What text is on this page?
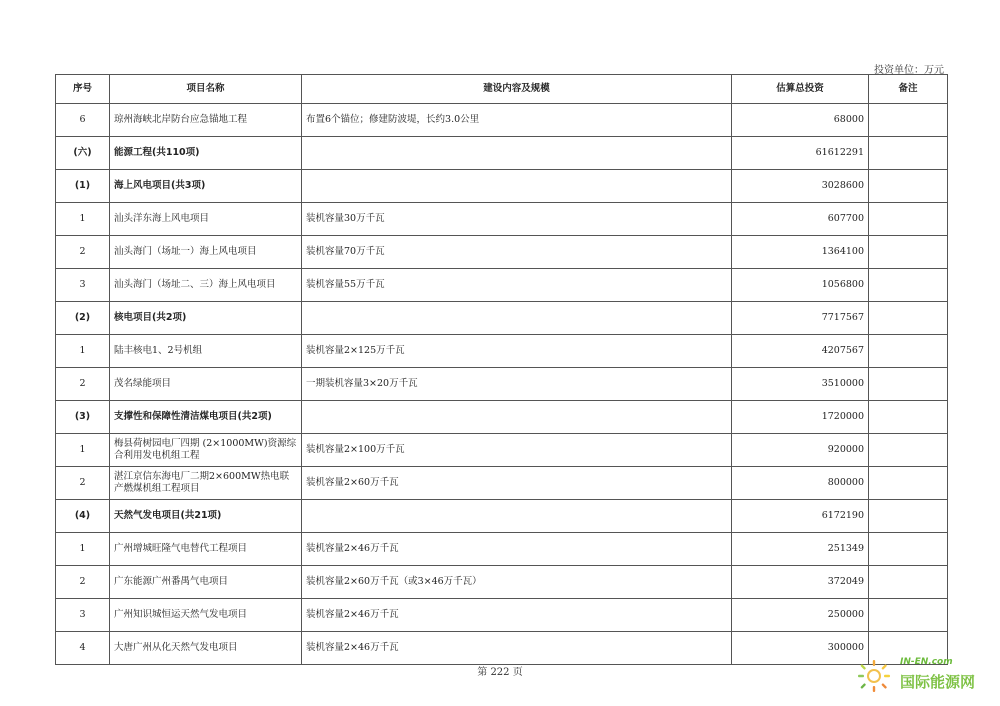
投资单位：万元
序号	项目名称	建设内容及规模	估算总投资	备注
6	琼州海峡北岸防台应急锚地工程	布置6个锚位；修建防波堤，长约3.0公里	68000	
(六)	能源工程(共110项)		61612291	
(1)	海上风电项目(共3项)		3028600	
1	汕头洋东海上风电项目	装机容量30万千瓦	607700	
2	汕头海门（场址一）海上风电项目	装机容量70万千瓦	1364100	
3	汕头海门（场址二、三）海上风电项目	装机容量55万千瓦	1056800	
(2)	核电项目(共2项)		7717567	
1	陆丰核电1、2号机组	装机容量2×125万千瓦	4207567	
2	茂名绿能项目	一期装机容量3×20万千瓦	3510000	
(3)	支撑性和保障性清洁煤电项目(共2项)		1720000	
1	梅县荷树园电厂四期 (2×1000MW)资源综合利用发电机组工程	装机容量2×100万千瓦	920000	
2	湛江京信东海电厂二期2×600MW热电联产燃煤机组工程项目	装机容量2×60万千瓦	800000	
(4)	天然气发电项目(共21项)		6172190	
1	广州增城旺隆气电替代工程项目	装机容量2×46万千瓦	251349	
2	广东能源广州番禺气电项目	装机容量2×60万千瓦（或3×46万千瓦）	372049	
3	广州知识城恒运天然气发电项目	装机容量2×46万千瓦	250000	
4	大唐广州从化天然气发电项目	装机容量2×46万千瓦	300000	
第 222 页
IN-EN.com
国际能源网
